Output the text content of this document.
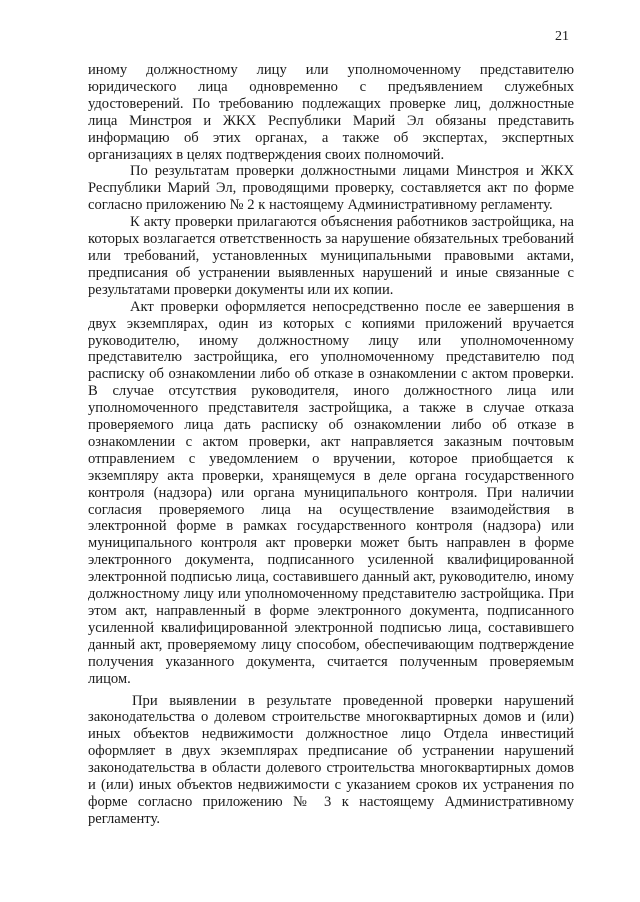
21

иному должностному лицу или уполномоченному представителю юридического лица одновременно с предъявлением служебных удостоверений. По требованию подлежащих проверке лиц, должностные лица Минстроя и ЖКХ Республики Марий Эл обязаны представить информацию об этих органах, а также об экспертах, экспертных организациях в целях подтверждения своих полномочий.

По результатам проверки должностными лицами Минстроя и ЖКХ Республики Марий Эл, проводящими проверку, составляется акт по форме согласно приложению № 2 к настоящему Административному регламенту.

К акту проверки прилагаются объяснения работников застройщика, на которых возлагается ответственность за нарушение обязательных требований или требований, установленных муниципальными правовыми актами, предписания об устранении выявленных нарушений и иные связанные с результатами проверки документы или их копии.

Акт проверки оформляется непосредственно после ее завершения в двух экземплярах, один из которых с копиями приложений вручается руководителю, иному должностному лицу или уполномоченному представителю застройщика, его уполномоченному представителю под расписку об ознакомлении либо об отказе в ознакомлении с актом проверки. В случае отсутствия руководителя, иного должностного лица или уполномоченного представителя застройщика, а также в случае отказа проверяемого лица дать расписку об ознакомлении либо об отказе в ознакомлении с актом проверки, акт направляется заказным почтовым отправлением с уведомлением о вручении, которое приобщается к экземпляру акта проверки, хранящемуся в деле органа государственного контроля (надзора) или органа муниципального контроля. При наличии согласия проверяемого лица на осуществление взаимодействия в электронной форме в рамках государственного контроля (надзора) или муниципального контроля акт проверки может быть направлен в форме электронного документа, подписанного усиленной квалифицированной электронной подписью лица, составившего данный акт, руководителю, иному должностному лицу или уполномоченному представителю застройщика. При этом акт, направленный в форме электронного документа, подписанного усиленной квалифицированной электронной подписью лица, составившего данный акт, проверяемому лицу способом, обеспечивающим подтверждение получения указанного документа, считается полученным проверяемым лицом.

При выявлении в результате проведенной проверки нарушений законодательства о долевом строительстве многоквартирных домов и (или) иных объектов недвижимости должностное лицо Отдела инвестиций оформляет в двух экземплярах предписание об устранении нарушений законодательства в области долевого строительства многоквартирных домов и (или) иных объектов недвижимости с указанием сроков их устранения по форме согласно приложению № 3 к настоящему Административному регламенту.
